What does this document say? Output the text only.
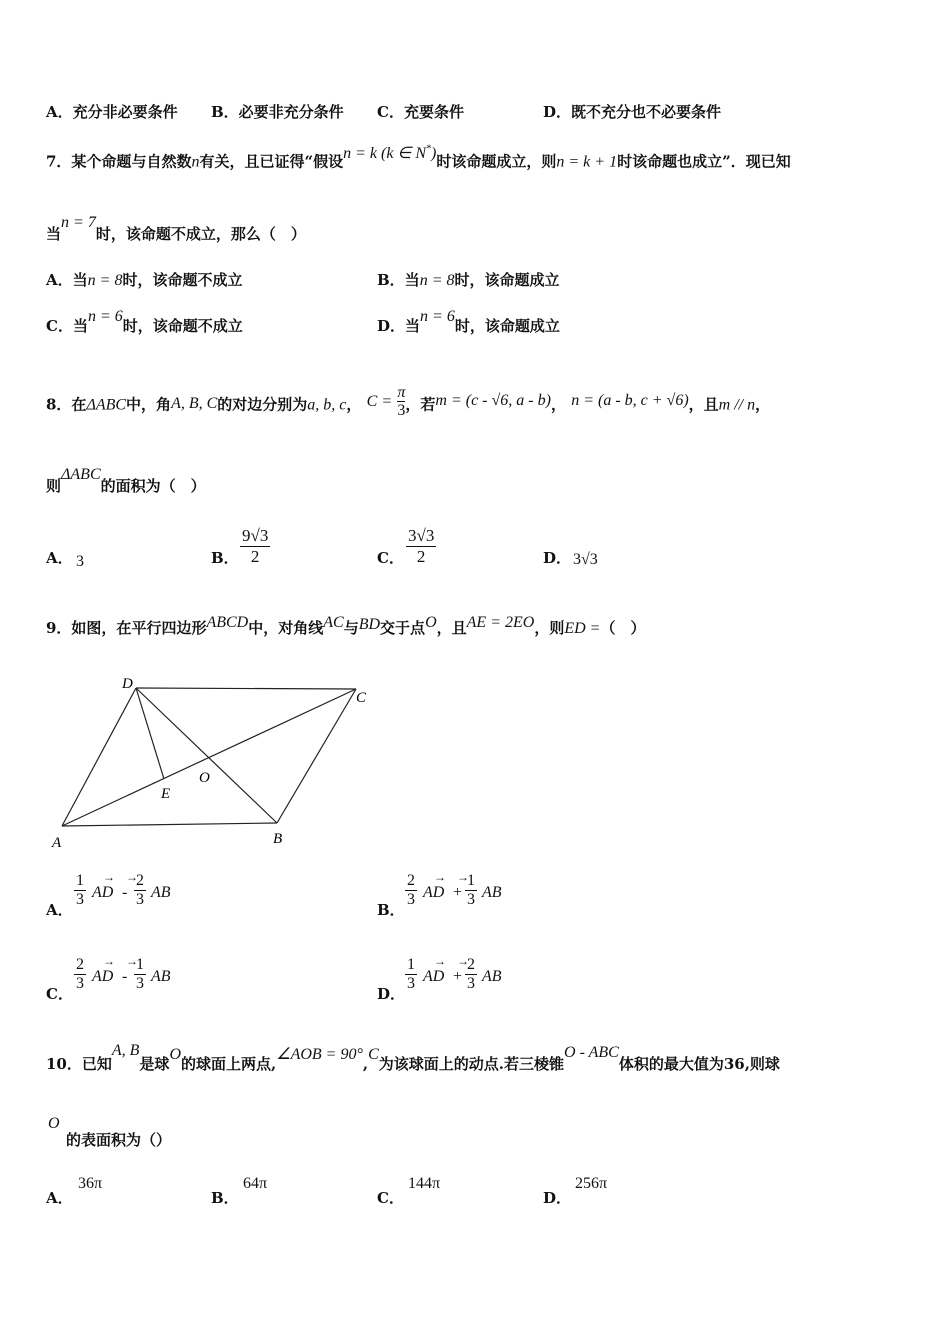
A．充分非必要条件 B．必要非充分条件 C．充要条件	D．既不充分也不必要条件
7．某个命题与自然数n有关，且已证得“假设n = k (k ∈ N*)时该命题成立，则n = k + 1时该命题也成立”．现已知
当n = 7时，该命题不成立，那么（　）
A．当n = 8时，该命题不成立	B．当n = 8时，该命题成立
C．当n = 6时，该命题不成立	D．当n = 6时，该命题成立
8．在ΔABC中，角A, B, C的对边分别为a, b, c， $C = \frac{\pi}{3}$ ，若m = (c - √6, a - b)， n = (a - b, c + √6)，且m // n，
则ΔABC的面积为（　）
A． 3	B． $\frac{9√3}{2}$	C． $\frac{3√3}{2}$	D． 3√3
9．如图，在平行四边形ABCD中，对角线AC与BD交于点O，且AE = 2EO，则ED =（　）
D
C
O
E
A	B
A．
$\frac{1}{3}$ →
AD - $\frac{2}{3}$
→
AB
B．
$\frac{2}{3}$ →
AD + $\frac{1}{3}$
→
AB
C．
$\frac{2}{3}$ →
AD - $\frac{1}{3}$
→
AB
D．
$\frac{1}{3}$ →
AD + $\frac{2}{3}$
→
AB
10．已知A, B是球O的球面上两点,∠AOB = 90°,C为该球面上的动点.若三棱锥O - ABC体积的最大值为36,则球
O
的表面积为（）
A．
36π
B．
64π
C．
144π
D．
256π
